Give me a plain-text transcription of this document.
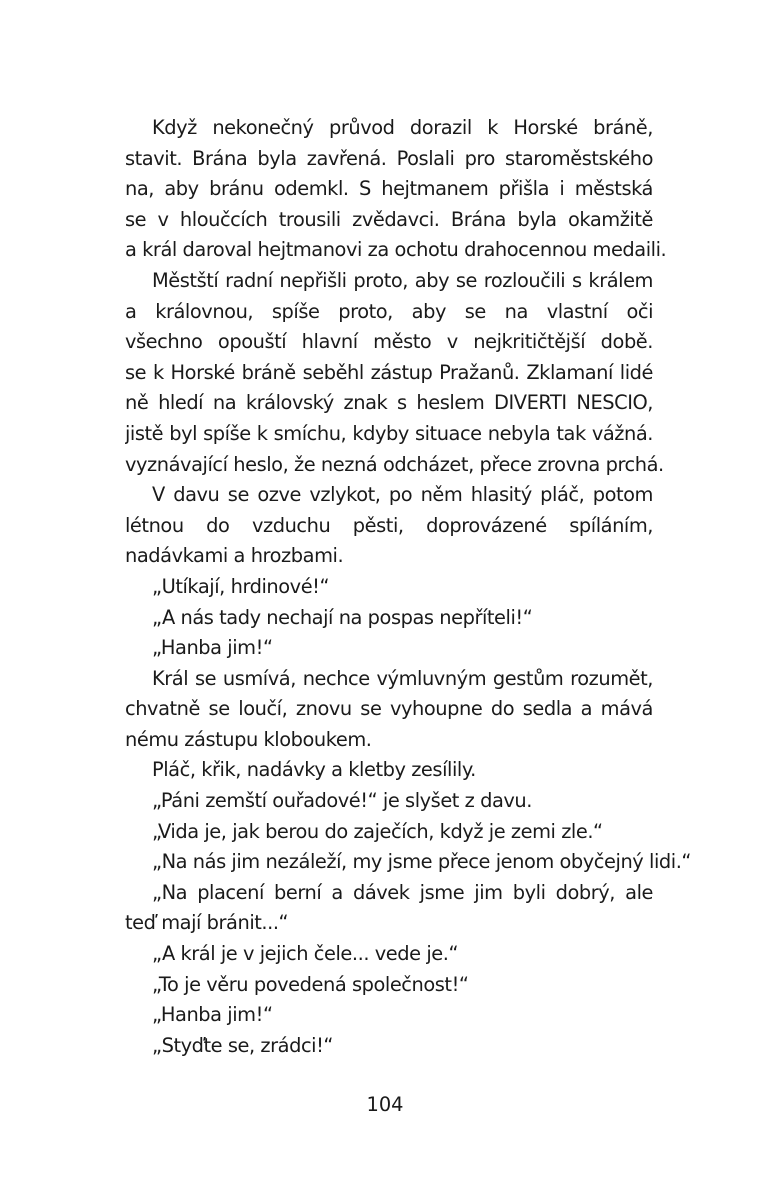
Když nekonečný průvod dorazil k Horské bráně,
stavit. Brána byla zavřená. Poslali pro staroměstského
na, aby bránu odemkl. S hejtmanem přišla i městská
se v hloučcích trousili zvědavci. Brána byla okamžitě
a král daroval hejtmanovi za ochotu drahocennou medaili.
Městští radní nepřišli proto, aby se rozloučili s králem
a královnou, spíše proto, aby se na vlastní oči
všechno opouští hlavní město v nejkritičtější době.
se k Horské bráně seběhl zástup Pražanů. Zklamaní lidé
ně hledí na královský znak s heslem DIVERTI NESCIO,
jistě byl spíše k smíchu, kdyby situace nebyla tak vážná.
vyznávající heslo, že nezná odcházet, přece zrovna prchá.
V davu se ozve vzlykot, po něm hlasitý pláč, potom
létnou do vzduchu pěsti, doprovázené spíláním,
nadávkami a hrozbami.
„Utíkají, hrdinové!“
„A nás tady nechají na pospas nepříteli!“
„Hanba jim!“
Král se usmívá, nechce výmluvným gestům rozumět,
chvatně se loučí, znovu se vyhoupne do sedla a mává
nému zástupu kloboukem.
Pláč, křik, nadávky a kletby zesílily.
„Páni zemští ouřadové!“ je slyšet z davu.
„Vida je, jak berou do zaječích, když je zemi zle.“
„Na nás jim nezáleží, my jsme přece jenom obyčejný lidi.“
„Na placení berní a dávek jsme jim byli dobrý, ale
teď mají bránit...“
„A král je v jejich čele... vede je.“
„To je věru povedená společnost!“
„Hanba jim!“
„Styďte se, zrádci!“
104
